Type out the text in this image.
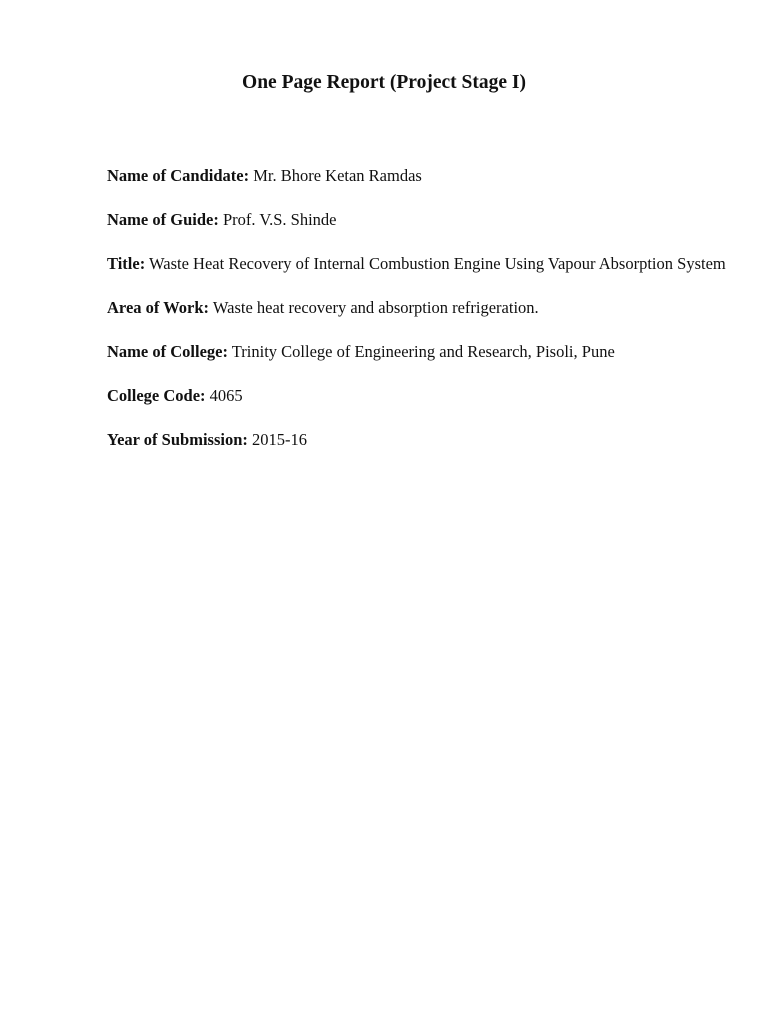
One Page Report (Project Stage I)

Name of Candidate: Mr. Bhore Ketan Ramdas

Name of Guide: Prof. V.S. Shinde

Title: Waste Heat Recovery of Internal Combustion Engine Using Vapour Absorption System

Area of Work: Waste heat recovery and absorption refrigeration.

Name of College: Trinity College of Engineering and Research, Pisoli, Pune

College Code: 4065

Year of Submission: 2015-16
